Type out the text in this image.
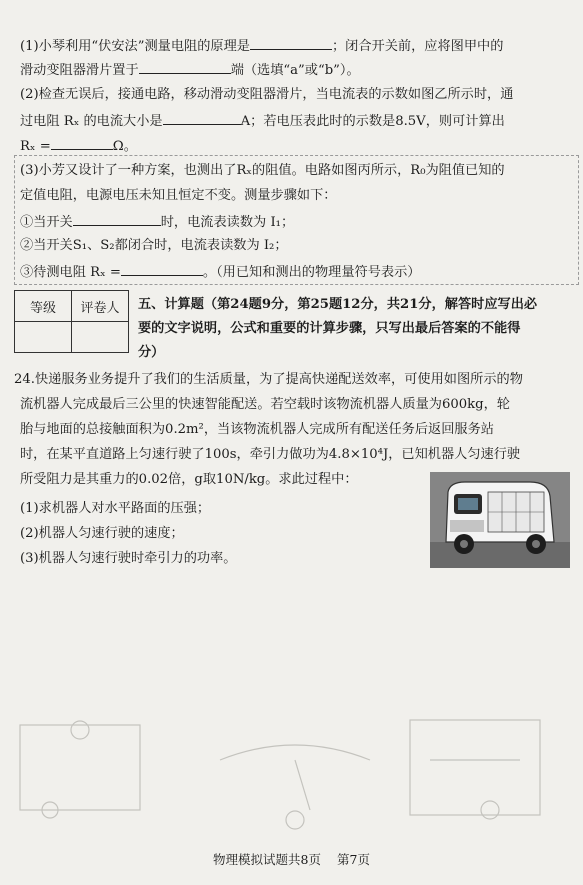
(1)小琴利用“伏安法”测量电阻的原理是	；闭合开关前，应将图甲中的
滑动变阻器滑片置于	端（选填“a”或“b”）。
(2)检查无误后，接通电路，移动滑动变阻器滑片，当电流表的示数如图乙所示时，通
过电阻 Rₓ 的电流大小是	A；若电压表此时的示数是8.5V，则可计算出
Rₓ =	Ω。
(3)小芳又设计了一种方案，也测出了Rₓ的阻值。电路如图丙所示，R₀为阻值已知的
定值电阻，电源电压未知且恒定不变。测量步骤如下：
①当开关	时，电流表读数为 I₁；
②当开关S₁、S₂都闭合时，电流表读数为 I₂；
③待测电阻 Rₓ =	。（用已知和测出的物理量符号表示）
等级	评卷人
	五、计算题（第24题9分，第25题12分，共21分，解答时应写出必
要的文字说明，公式和重要的计算步骤，只写出最后答案的不能得
分）
24.快递服务业务提升了我们的生活质量，为了提高快递配送效率，可使用如图所示的物
流机器人完成最后三公里的快速智能配送。若空载时该物流机器人质量为600kg，轮
胎与地面的总接触面积为0.2m²，当该物流机器人完成所有配送任务后返回服务站
时，在某平直道路上匀速行驶了100s，牵引力做功为4.8×10⁴J，已知机器人匀速行驶
所受阻力是其重力的0.02倍，g取10N/kg。求此过程中：
(1)求机器人对水平路面的压强；
(2)机器人匀速行驶的速度；
(3)机器人匀速行驶时牵引力的功率。
物理模拟试题共8页 第7页
